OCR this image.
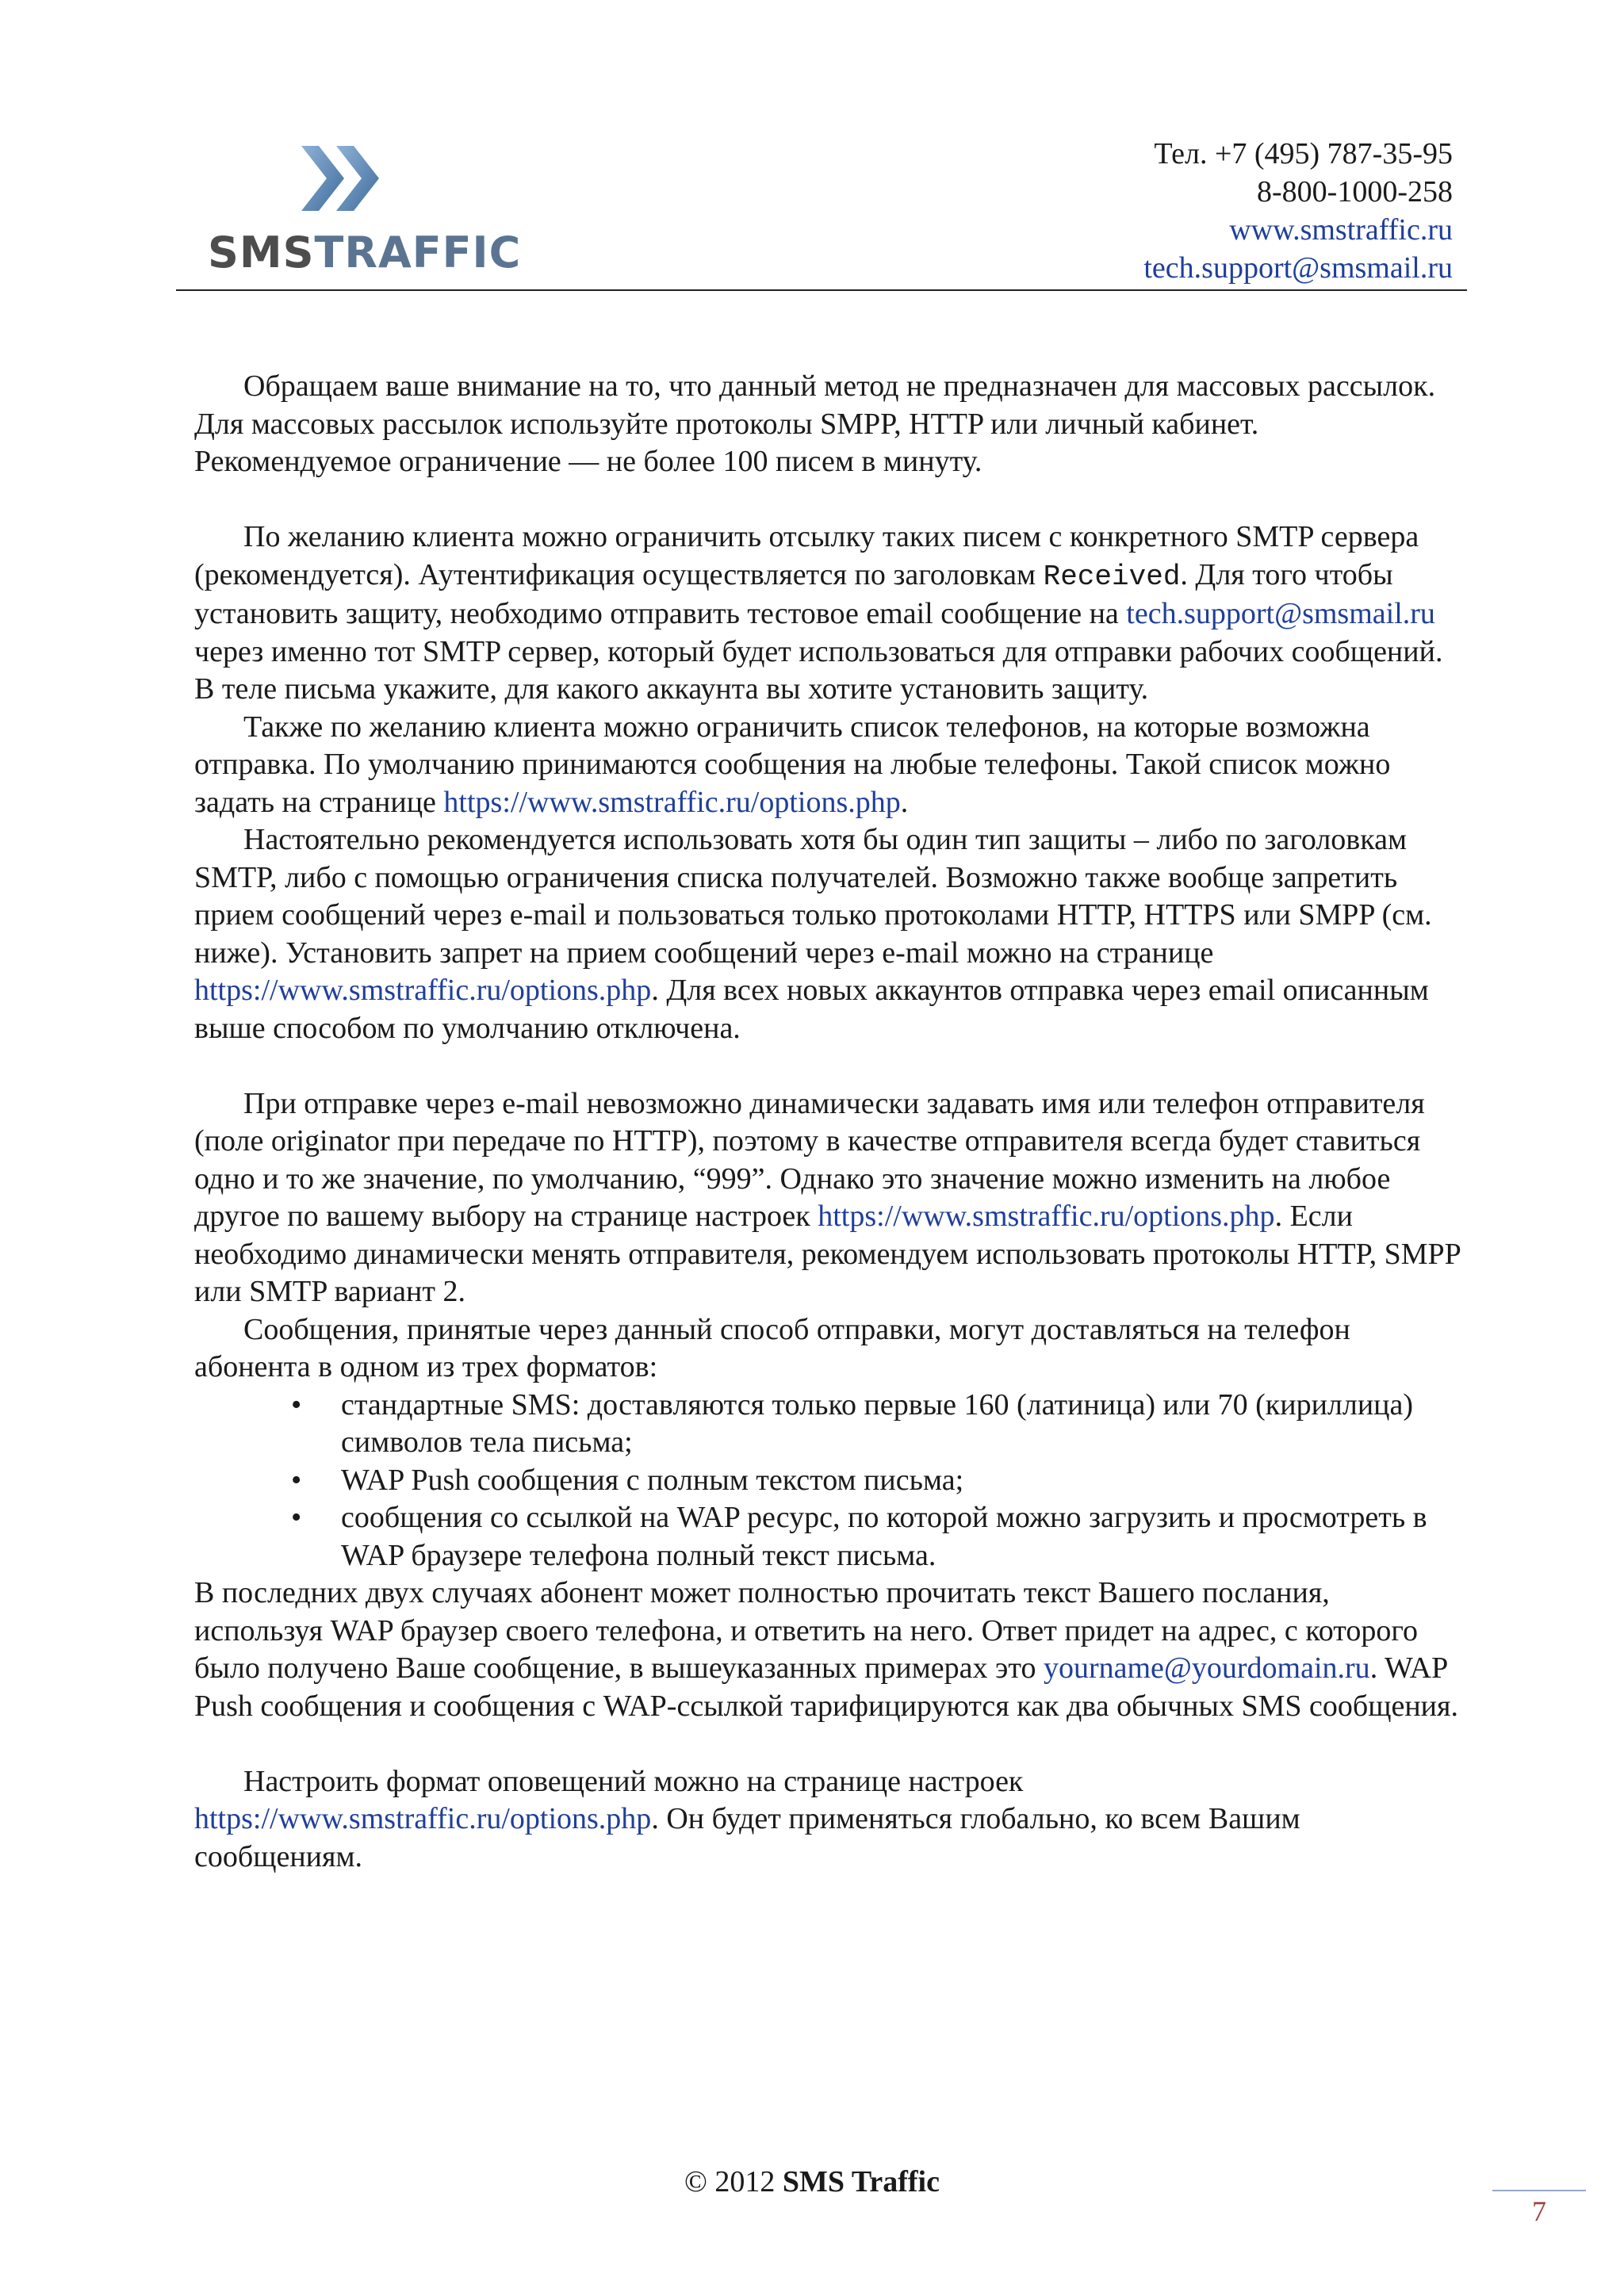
SMSTRAFFIC
Тел. +7 (495) 787-35-95
8-800-1000-258
www.smstraffic.ru
tech.support@smsmail.ru

Обращаем ваше внимание на то, что данный метод не предназначен для массовых рассылок. Для массовых рассылок используйте протоколы SMPP, HTTP или личный кабинет. Рекомендуемое ограничение — не более 100 писем в минуту.

По желанию клиента можно ограничить отсылку таких писем с конкретного SMTP сервера (рекомендуется). Аутентификация осуществляется по заголовкам Received. Для того чтобы установить защиту, необходимо отправить тестовое email сообщение на tech.support@smsmail.ru через именно тот SMTP сервер, который будет использоваться для отправки рабочих сообщений. В теле письма укажите, для какого аккаунта вы хотите установить защиту.

Также по желанию клиента можно ограничить список телефонов, на которые возможна отправка. По умолчанию принимаются сообщения на любые телефоны. Такой список можно задать на странице https://www.smstraffic.ru/options.php.

Настоятельно рекомендуется использовать хотя бы один тип защиты – либо по заголовкам SMTP, либо с помощью ограничения списка получателей. Возможно также вообще запретить прием сообщений через e-mail и пользоваться только протоколами HTTP, HTTPS или SMPP (см. ниже). Установить запрет на прием сообщений через e-mail можно на странице https://www.smstraffic.ru/options.php. Для всех новых аккаунтов отправка через email описанным выше способом по умолчанию отключена.

При отправке через e-mail невозможно динамически задавать имя или телефон отправителя (поле originator при передаче по HTTP), поэтому в качестве отправителя всегда будет ставиться одно и то же значение, по умолчанию, “999”. Однако это значение можно изменить на любое другое по вашему выбору на странице настроек https://www.smstraffic.ru/options.php. Если необходимо динамически менять отправителя, рекомендуем использовать протоколы HTTP, SMPP или SMTP вариант 2.

Сообщения, принятые через данный способ отправки, могут доставляться на телефон абонента в одном из трех форматов:

• стандартные SMS: доставляются только первые 160 (латиница) или 70 (кириллица) символов тела письма;
• WAP Push сообщения с полным текстом письма;
• сообщения со ссылкой на WAP ресурс, по которой можно загрузить и просмотреть в WAP браузере телефона полный текст письма.

В последних двух случаях абонент может полностью прочитать текст Вашего послания, используя WAP браузер своего телефона, и ответить на него. Ответ придет на адрес, с которого было получено Ваше сообщение, в вышеуказанных примерах это yourname@yourdomain.ru. WAP Push сообщения и сообщения с WAP-ссылкой тарифицируются как два обычных SMS сообщения.

Настроить формат оповещений можно на странице настроек https://www.smstraffic.ru/options.php. Он будет применяться глобально, ко всем Вашим сообщениям.

© 2012 SMS Traffic
7
